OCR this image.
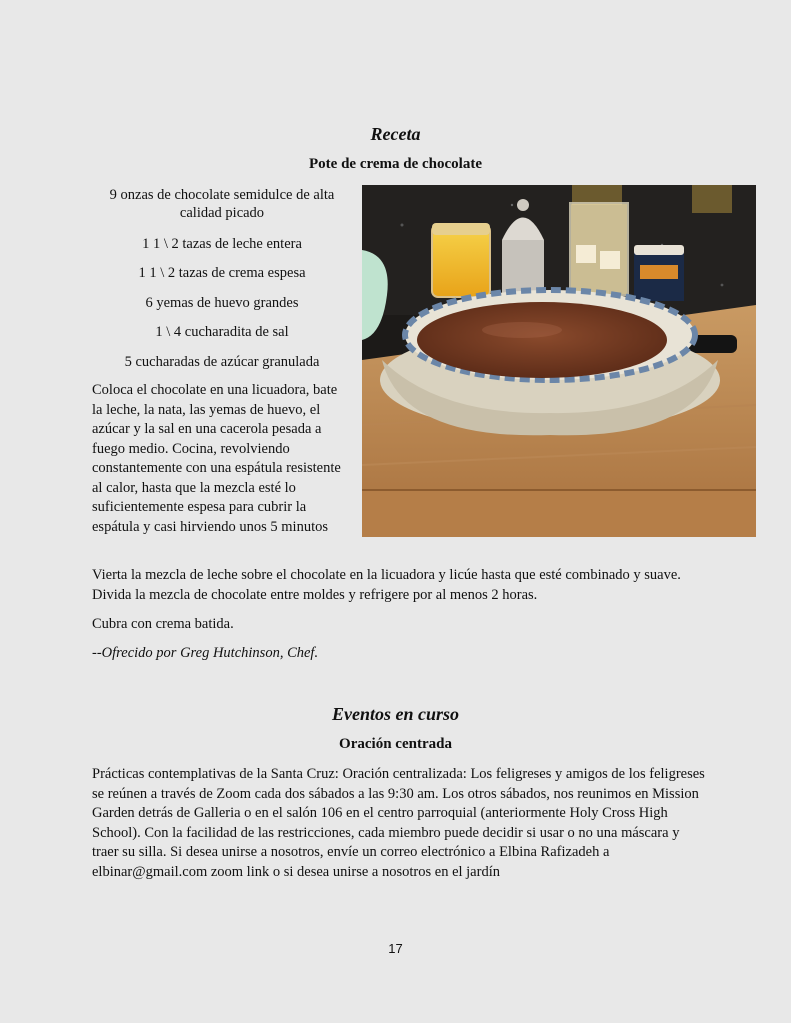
Receta
Pote de crema de chocolate
9 onzas de chocolate semidulce de alta calidad picado
1 1 \ 2 tazas de leche entera
1 1 \ 2 tazas de crema espesa
6 yemas de huevo grandes
1 \ 4 cucharadita de sal
5 cucharadas de azúcar granulada
Coloca el chocolate en una licuadora, bate la leche, la nata, las yemas de huevo, el azúcar y la sal en una cacerola pesada a fuego medio. Cocina, revolviendo constantemente con una espátula resistente al calor, hasta que la mezcla esté lo suficientemente espesa para cubrir la espátula y casi hirviendo unos 5 minutos
Vierta la mezcla de leche sobre el chocolate en la licuadora y licúe hasta que esté combinado y suave. Divida la mezcla de chocolate entre moldes y refrigere por al menos 2 horas.
Cubra con crema batida.
--Ofrecido por Greg Hutchinson, Chef.
Eventos en curso
Oración centrada
Prácticas contemplativas de la Santa Cruz: Oración centralizada: Los feligreses y amigos de los feligreses se reúnen a través de Zoom cada dos sábados a las 9:30 am. Los otros sábados, nos reunimos en Mission Garden detrás de Galleria o en el salón 106 en el centro parroquial (anteriormente Holy Cross High School). Con la facilidad de las restricciones, cada miembro puede decidir si usar o no una máscara y traer su silla. Si desea unirse a nosotros, envíe un correo electrónico a Elbina Rafizadeh a elbinar@gmail.com zoom link o si desea unirse a nosotros en el jardín
17
